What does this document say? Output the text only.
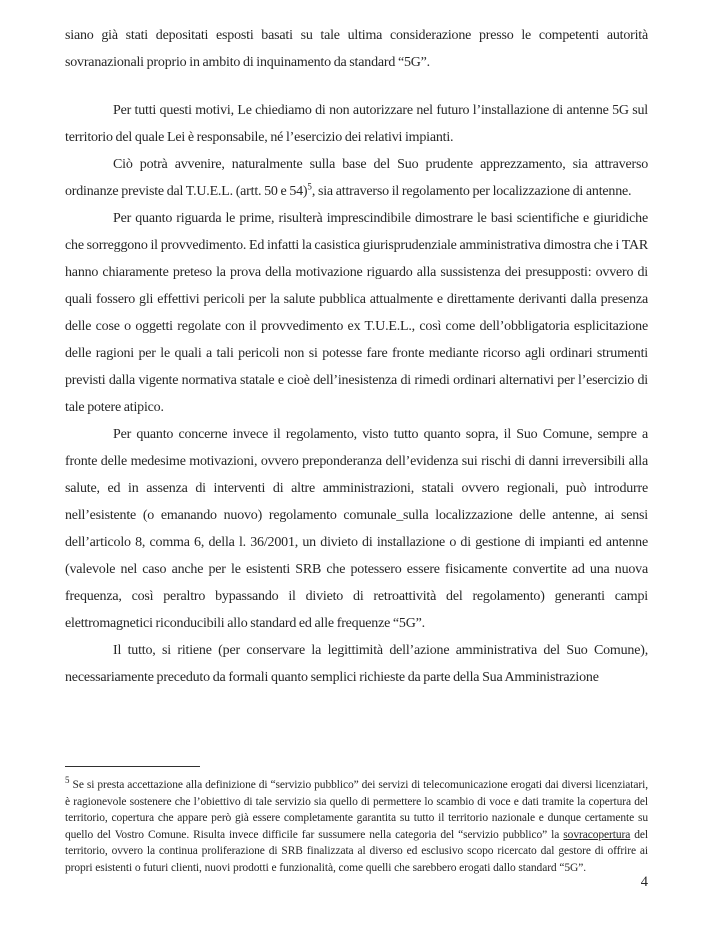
siano già stati depositati esposti basati su tale ultima considerazione presso le competenti autorità sovranazionali proprio in ambito di inquinamento da standard “5G”.

Per tutti questi motivi, Le chiediamo di non autorizzare nel futuro l’installazione di antenne 5G sul territorio del quale Lei è responsabile, né l’esercizio dei relativi impianti.

Ciò potrà avvenire, naturalmente sulla base del Suo prudente apprezzamento, sia attraverso ordinanze previste dal T.U.E.L. (artt. 50 e 54)$^5$, sia attraverso il regolamento per localizzazione di antenne.

Per quanto riguarda le prime, risulterà imprescindibile dimostrare le basi scientifiche e giuridiche che sorreggono il provvedimento. Ed infatti la casistica giurisprudenziale amministrativa dimostra che i TAR hanno chiaramente preteso la prova della motivazione riguardo alla sussistenza dei presupposti: ovvero di quali fossero gli effettivi pericoli per la salute pubblica attualmente e direttamente derivanti dalla presenza delle cose o oggetti regolate con il provvedimento ex T.U.E.L., così come dell’obbligatoria esplicitazione delle ragioni per le quali a tali pericoli non si potesse fare fronte mediante ricorso agli ordinari strumenti previsti dalla vigente normativa statale e cioè dell’inesistenza di rimedi ordinari alternativi per l’esercizio di tale potere atipico.

Per quanto concerne invece il regolamento, visto tutto quanto sopra, il Suo Comune, sempre a fronte delle medesime motivazioni, ovvero preponderanza dell’evidenza sui rischi di danni irreversibili alla salute, ed in assenza di interventi di altre amministrazioni, statali ovvero regionali, può introdurre nell’esistente (o emanando nuovo) regolamento comunale_sulla localizzazione delle antenne, ai sensi dell’articolo 8, comma 6, della l. 36/2001, un divieto di installazione o di gestione di impianti ed antenne (valevole nel caso anche per le esistenti SRB che potessero essere fisicamente convertite ad una nuova frequenza, così peraltro bypassando il divieto di retroattività del regolamento) generanti campi elettromagnetici riconducibili allo standard ed alle frequenze “5G”.

Il tutto, si ritiene (per conservare la legittimità dell’azione amministrativa del Suo Comune), necessariamente preceduto da formali quanto semplici richieste da parte della Sua Amministrazione

$^5$ Se si presta accettazione alla definizione di “servizio pubblico” dei servizi di telecomunicazione erogati dai diversi licenziatari, è ragionevole sostenere che l’obiettivo di tale servizio sia quello di permettere lo scambio di voce e dati tramite la copertura del territorio, copertura che appare però già essere completamente garantita su tutto il territorio nazionale e dunque certamente su quello del Vostro Comune. Risulta invece difficile far sussumere nella categoria del “servizio pubblico” la sovracopertura del territorio, ovvero la continua proliferazione di SRB finalizzata al diverso ed esclusivo scopo ricercato dal gestore di offrire ai propri esistenti o futuri clienti, nuovi prodotti e funzionalità, come quelli che sarebbero erogati dallo standard “5G”.

4
